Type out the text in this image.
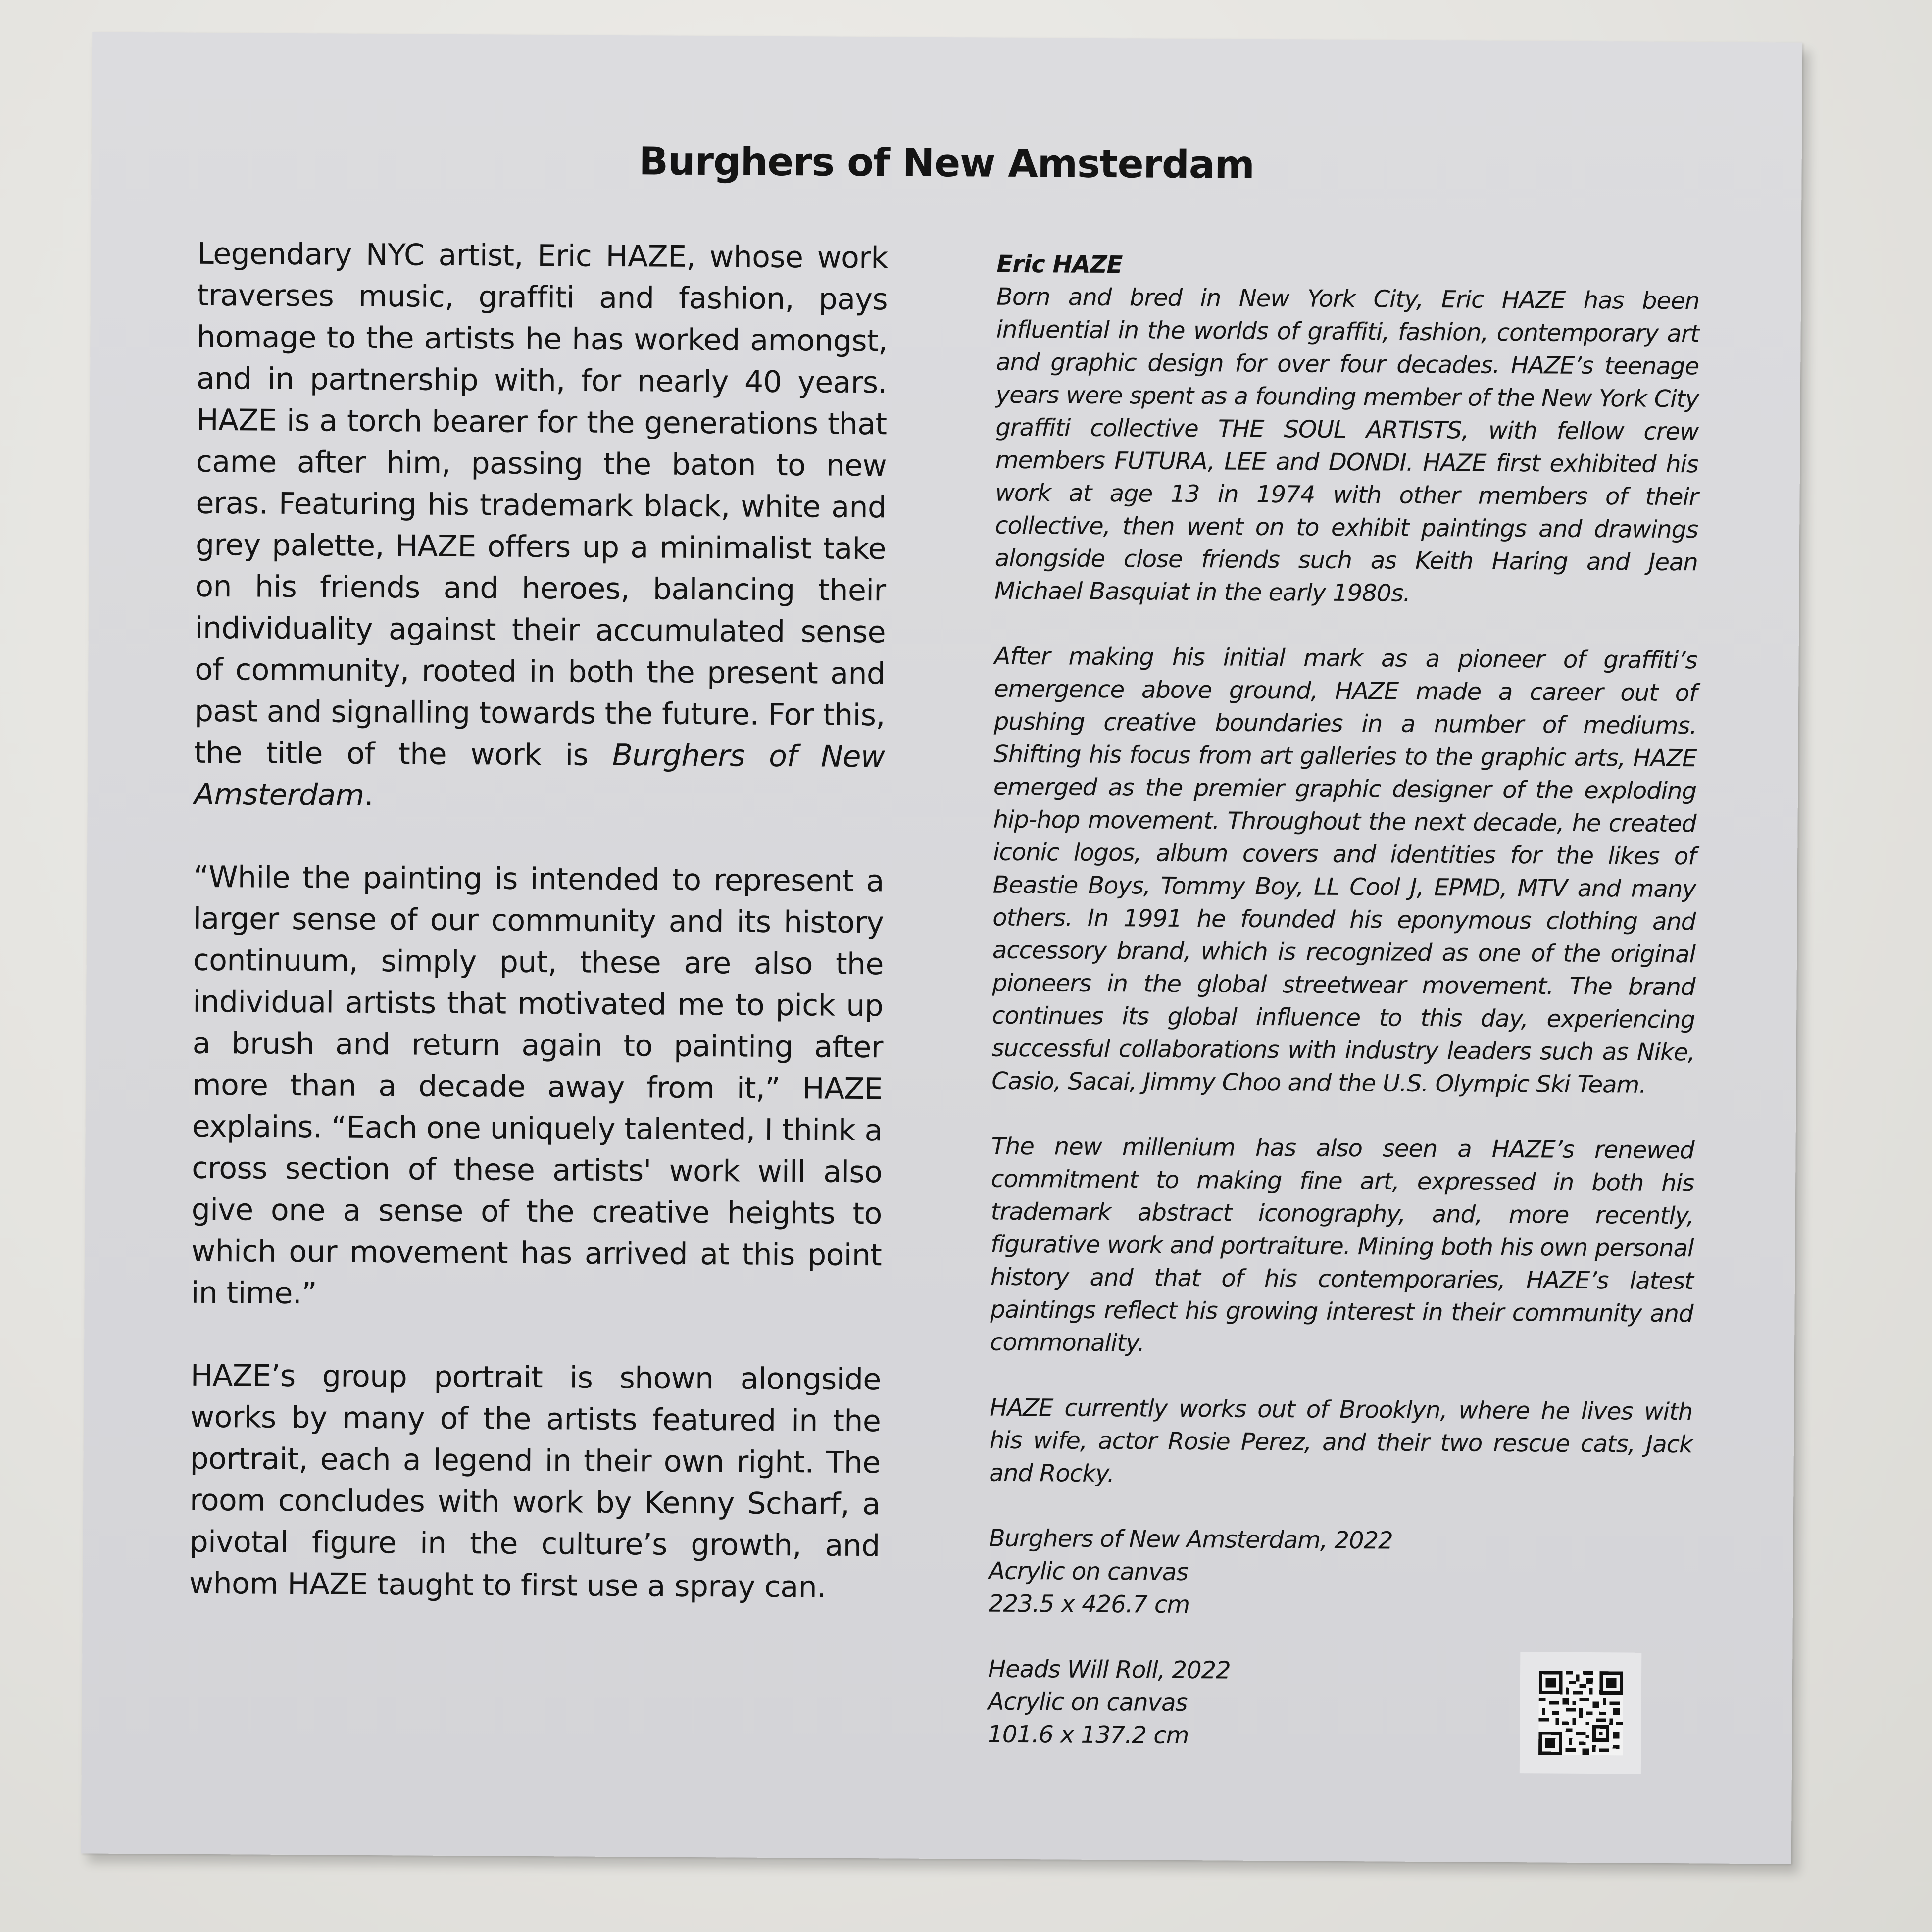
Burghers of New Amsterdam

Legendary NYC artist, Eric HAZE, whose work traverses music, graffiti and fashion, pays homage to the artists he has worked amongst, and in partnership with, for nearly 40 years. HAZE is a torch bearer for the generations that came after him, passing the baton to new eras. Featuring his trademark black, white and grey palette, HAZE offers up a minimalist take on his friends and heroes, balancing their individuality against their accumulated sense of community, rooted in both the present and past and signalling towards the future. For this, the title of the work is Burghers of New Amsterdam.

“While the painting is intended to represent a larger sense of our community and its history continuum, simply put, these are also the individual artists that motivated me to pick up a brush and return again to painting after more than a decade away from it,” HAZE explains. “Each one uniquely talented, I think a cross section of these artists' work will also give one a sense of the creative heights to which our movement has arrived at this point in time.”

HAZE’s group portrait is shown alongside works by many of the artists featured in the portrait, each a legend in their own right. The room concludes with work by Kenny Scharf, a pivotal figure in the culture’s growth, and whom HAZE taught to first use a spray can.

Eric HAZE
Born and bred in New York City, Eric HAZE has been influential in the worlds of graffiti, fashion, contemporary art and graphic design for over four decades. HAZE’s teenage years were spent as a founding member of the New York City graffiti collective THE SOUL ARTISTS, with fellow crew members FUTURA, LEE and DONDI. HAZE first exhibited his work at age 13 in 1974 with other members of their collective, then went on to exhibit paintings and drawings alongside close friends such as Keith Haring and Jean Michael Basquiat in the early 1980s.

After making his initial mark as a pioneer of graffiti’s emergence above ground, HAZE made a career out of pushing creative boundaries in a number of mediums. Shifting his focus from art galleries to the graphic arts, HAZE emerged as the premier graphic designer of the exploding hip-hop movement. Throughout the next decade, he created iconic logos, album covers and identities for the likes of Beastie Boys, Tommy Boy, LL Cool J, EPMD, MTV and many others. In 1991 he founded his eponymous clothing and accessory brand, which is recognized as one of the original pioneers in the global streetwear movement. The brand continues its global influence to this day, experiencing successful collaborations with industry leaders such as Nike, Casio, Sacai, Jimmy Choo and the U.S. Olympic Ski Team.

The new millenium has also seen a HAZE’s renewed commitment to making fine art, expressed in both his trademark abstract iconography, and, more recently, figurative work and portraiture. Mining both his own personal history and that of his contemporaries, HAZE’s latest paintings reflect his growing interest in their community and commonality.

HAZE currently works out of Brooklyn, where he lives with his wife, actor Rosie Perez, and their two rescue cats, Jack and Rocky.

Burghers of New Amsterdam, 2022
Acrylic on canvas
223.5 x 426.7 cm
Heads Will Roll, 2022
Acrylic on canvas
101.6 x 137.2 cm
